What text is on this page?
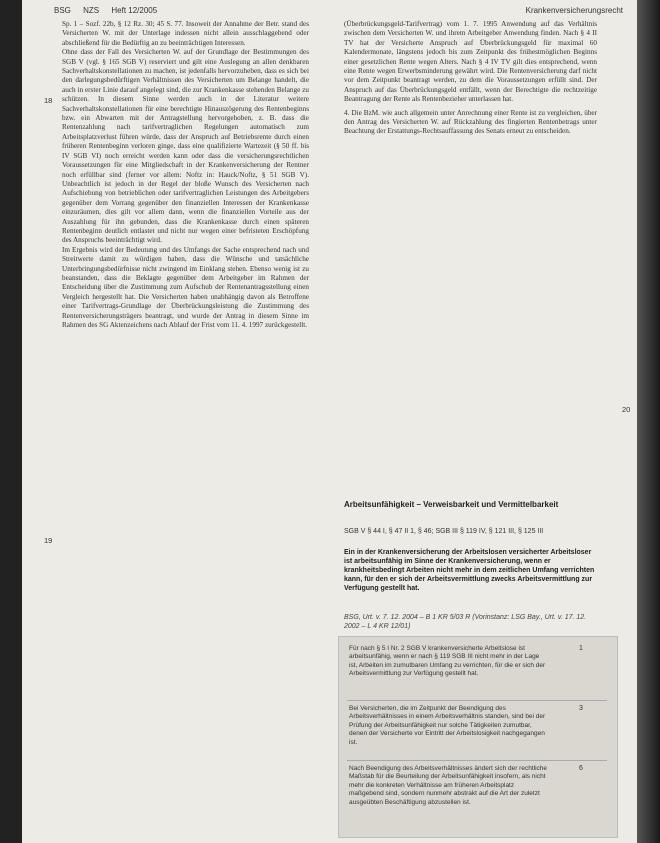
BSG NZS Heft 12/2005	Krankenversicherungsrecht

Sp. 1 – Sozf. 22b, § 12 Rz. 30; 45 S. 77. Insoweit der Annahme der Betr. stand des Versicherten W. mit der Unterlage indessen nicht allein ausschlaggebend oder abschließend für die Bedürftig an zu beeinträchtigen Interessen.

Ohne dass der Fall des Versicherten W. auf der Grundlage der Bestimmungen des SGB V (vgl. § 165 SGB V) reserviert und gilt eine Auslegung an allen denkbaren Sachverhaltskonstellationen zu machen, ist jedenfalls hervorzuheben, dass es sich bei den darlegungsbedürftigen Verhältnissen des Versicherten um Belange handelt, die auch in erster Linie darauf angelegt sind, die zur Krankenkasse stehenden Belange zu schützen. In diesem Sinne werden auch in der Literatur weitere Sachverhaltskonstellationen für eine berechtigte Hinauszögerung des Rentenbeginns bzw. ein Abwarten mit der Antragstellung hervorgehoben, z. B. dass die Rentenzahlung nach tarifvertraglichen Regelungen automatisch zum Arbeitsplatzverlust führen würde, dass der Anspruch auf Betriebsrente durch einen früheren Rentenbeginn verloren ginge, dass eine qualifizierte Wartezeit (§ 50 ff. bis IV SGB VI) noch erreicht werden kann oder dass die versicherungsrechtlichen Voraussetzungen für eine Mitgliedschaft in der Krankenversicherung der Rentner noch erfüllbar sind (ferner vor allem: Noftz in: Hauck/Noftz, § 51 SGB V). Unbeachtlich ist jedoch in der Regel der bloße Wunsch des Versicherten nach Aufschiebung von betrieblichen oder tarifvertraglichen Leistungen des Arbeitgebers gegenüber dem Vorrang gegenüber den finanziellen Interessen der Krankenkasse einzuräumen, dies gilt vor allem dann, wenn die finanziellen Vorteile aus der Auszahlung für ihn gebunden, dass die Krankenkasse durch einen späteren Rentenbeginn deutlich entlastet und nicht nur wegen einer befristeten Erschöpfung des Anspruchs beeinträchtigt wird.

Im Ergebnis wird der Bedeutung und des Umfangs der Sache entsprechend nach und Streitwerte damit zu würdigen haben, dass die Wünsche und tatsächliche Unterbringungsbedürfnisse nicht zwingend im Einklang stehen. Ebenso wenig ist zu beanstanden, dass die Beklagte gegenüber dem Arbeitgeber im Rahmen der Entscheidung über die Zustimmung zum Aufschub der Rentenantragsstellung einen Vergleich hergestellt hat. Die Versicherten haben unabhängig davon als Betroffene einer Tarifvertrags-Grundlage der Überbrückungsleistung die Zustimmung des Rentenversicherungsträgers beantragt, und wurde der Antrag in diesem Sinne im Rahmen des SG Aktenzeichens nach Ablauf der Frist vom 11. 4. 1997 zurückgestellt.

18
19

(Überbrückungsgeld-Tarifvertrag) vom 1. 7. 1995 Anwendung auf das Verhältnis zwischen dem Versicherten W. und ihrem Arbeitgeber Anwendung finden. Nach § 4 II TV hat der Versicherte Anspruch auf Überbrückungsgeld für maximal 60 Kalendermonate, längstens jedoch bis zum Zeitpunkt des frühestmöglichen Beginns einer gesetzlichen Rente wegen Alters. Nach § 4 IV TV gilt dies entsprechend, wenn eine Rente wegen Erwerbsminderung gewährt wird. Die Rentenversicherung darf nicht vor dem Zeitpunkt beantragt werden, zu dem die Voraussetzungen erfüllt sind. Der Anspruch auf das Überbrückungsgeld entfällt, wenn der Berechtigte die rechtzeitige Beantragung der Rente als Rentenbezieher unterlassen hat.

4. Die BzM. wie auch allgemein unter Anrechnung einer Rente ist zu vergleichen, über den Antrag des Versicherten W. auf Rückzahlung des fingierten Rentenbetrags unter Beachtung der Erstattungs-Rechtsauffassung des Senats erneut zu entscheiden.

20
Arbeitsunfähigkeit – Verweisbarkeit und Vermittelbarkeit
SGB V § 44 I, § 47 II 1, § 46; SGB III § 119 IV, § 121 III, § 125 III
Ein in der Krankenversicherung der Arbeitslosen versicherter Arbeitsloser ist arbeitsunfähig im Sinne der Krankenversicherung, wenn er krankheitsbedingt Arbeiten nicht mehr in dem zeitlichen Umfang verrichten kann, für den er sich der Arbeitsvermittlung zwecks Arbeitsvermittlung zur Verfügung gestellt hat.
BSG, Urt. v. 7. 12. 2004 – B 1 KR 5/03 R (Vorinstanz: LSG Bay., Urt. v. 17. 12. 2002 – L 4 KR 12/01)
Für nach § 5 I Nr. 2 SGB V krankenversicherte Arbeitslose ist arbeitsunfähig, wenn er nach § 119 SGB III nicht mehr in der Lage ist, Arbeiten im zumutbaren Umfang zu verrichten, für die er sich der Arbeitsvermittlung zur Verfügung gestellt hat.
1
Bei Versicherten, die im Zeitpunkt der Beendigung des Arbeitsverhältnisses in einem Arbeitsverhältnis standen, sind bei der Prüfung der Arbeitsunfähigkeit nur solche Tätigkeiten zumutbar, denen der Versicherte vor Eintritt der Arbeitslosigkeit nachgegangen ist.
3
Nach Beendigung des Arbeitsverhältnisses ändert sich der rechtliche Maßstab für die Beurteilung der Arbeitsunfähigkeit insofern, als nicht mehr die konkreten Verhältnisse am früheren Arbeitsplatz maßgebend sind, sondern nunmehr abstrakt auf die Art der zuletzt ausgeübten Beschäftigung abzustellen ist.
6
